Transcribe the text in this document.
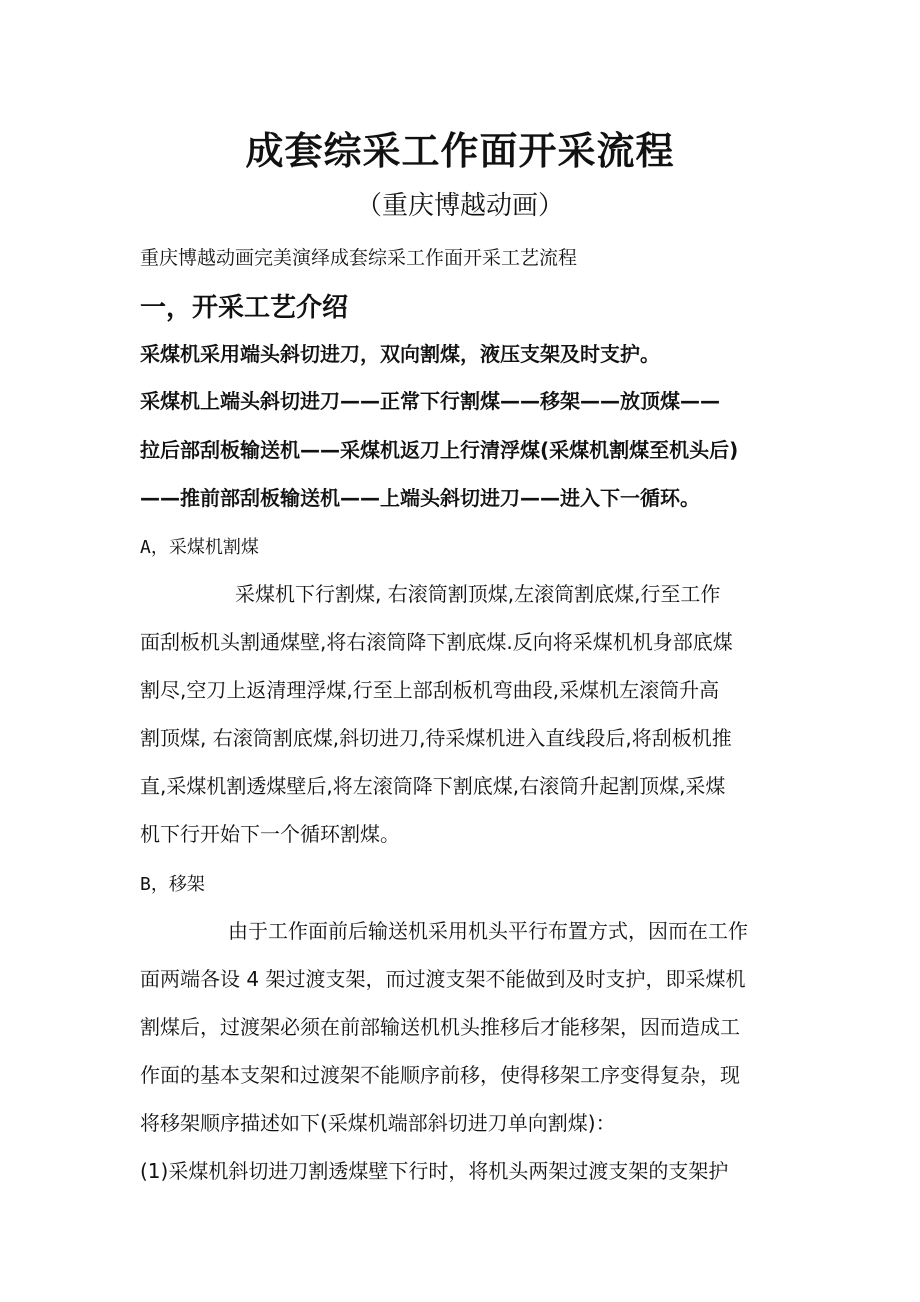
成套综采工作面开采流程
（重庆博越动画）
重庆博越动画完美演绎成套综采工作面开采工艺流程
一，开采工艺介绍
采煤机采用端头斜切进刀，双向割煤，液压支架及时支护。
采煤机上端头斜切进刀——正常下行割煤——移架——放顶煤——
拉后部刮板输送机——采煤机返刀上行清浮煤(采煤机割煤至机头后)
——推前部刮板输送机——上端头斜切进刀——进入下一循环。
A，采煤机割煤
采煤机下行割煤, 右滚筒割顶煤,左滚筒割底煤,行至工作
面刮板机头割通煤壁,将右滚筒降下割底煤.反向将采煤机机身部底煤
割尽,空刀上返清理浮煤,行至上部刮板机弯曲段,采煤机左滚筒升高
割顶煤, 右滚筒割底煤,斜切进刀,待采煤机进入直线段后,将刮板机推
直,采煤机割透煤壁后,将左滚筒降下割底煤,右滚筒升起割顶煤,采煤
机下行开始下一个循环割煤。
B，移架
由于工作面前后输送机采用机头平行布置方式，因而在工作
面两端各设 4 架过渡支架，而过渡支架不能做到及时支护，即采煤机
割煤后，过渡架必须在前部输送机机头推移后才能移架，因而造成工
作面的基本支架和过渡架不能顺序前移，使得移架工序变得复杂，现
将移架顺序描述如下(采煤机端部斜切进刀单向割煤)：
(1)采煤机斜切进刀割透煤壁下行时，将机头两架过渡支架的支架护
